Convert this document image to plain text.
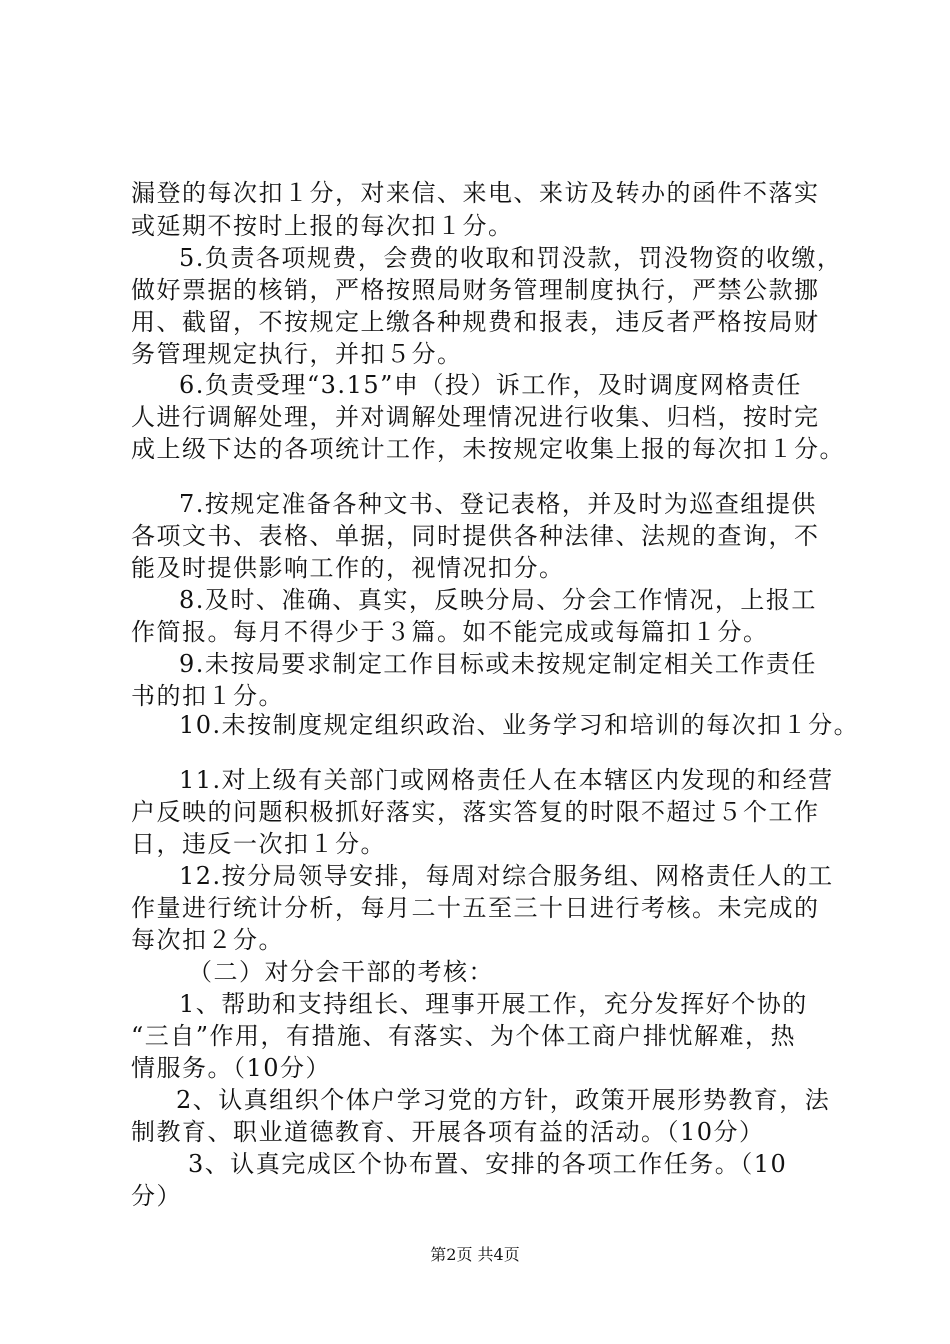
漏登的每次扣１分，对来信、来电、来访及转办的函件不落实
或延期不按时上报的每次扣１分。
5.负责各项规费，会费的收取和罚没款，罚没物资的收缴，
做好票据的核销，严格按照局财务管理制度执行，严禁公款挪
用、截留，不按规定上缴各种规费和报表，违反者严格按局财
务管理规定执行，并扣５分。
6.负责受理“3.15”申（投）诉工作，及时调度网格责任
人进行调解处理，并对调解处理情况进行收集、归档，按时完
成上级下达的各项统计工作，未按规定收集上报的每次扣１分。
7.按规定准备各种文书、登记表格，并及时为巡查组提供
各项文书、表格、单据，同时提供各种法律、法规的查询，不
能及时提供影响工作的，视情况扣分。
8.及时、准确、真实，反映分局、分会工作情况，上报工
作简报。每月不得少于３篇。如不能完成或每篇扣１分。
9.未按局要求制定工作目标或未按规定制定相关工作责任
书的扣１分。
10.未按制度规定组织政治、业务学习和培训的每次扣１分。
11.对上级有关部门或网格责任人在本辖区内发现的和经营
户反映的问题积极抓好落实，落实答复的时限不超过５个工作
日，违反一次扣１分。
12.按分局领导安排，每周对综合服务组、网格责任人的工
作量进行统计分析，每月二十五至三十日进行考核。未完成的
每次扣２分。
（二）对分会干部的考核：
1、帮助和支持组长、理事开展工作，充分发挥好个协的
“三自”作用，有措施、有落实、为个体工商户排忧解难，热
情服务。（10分）
2、认真组织个体户学习党的方针，政策开展形势教育，法
制教育、职业道德教育、开展各项有益的活动。（10分）
3、认真完成区个协布置、安排的各项工作任务。（10
分）
第2页 共4页
